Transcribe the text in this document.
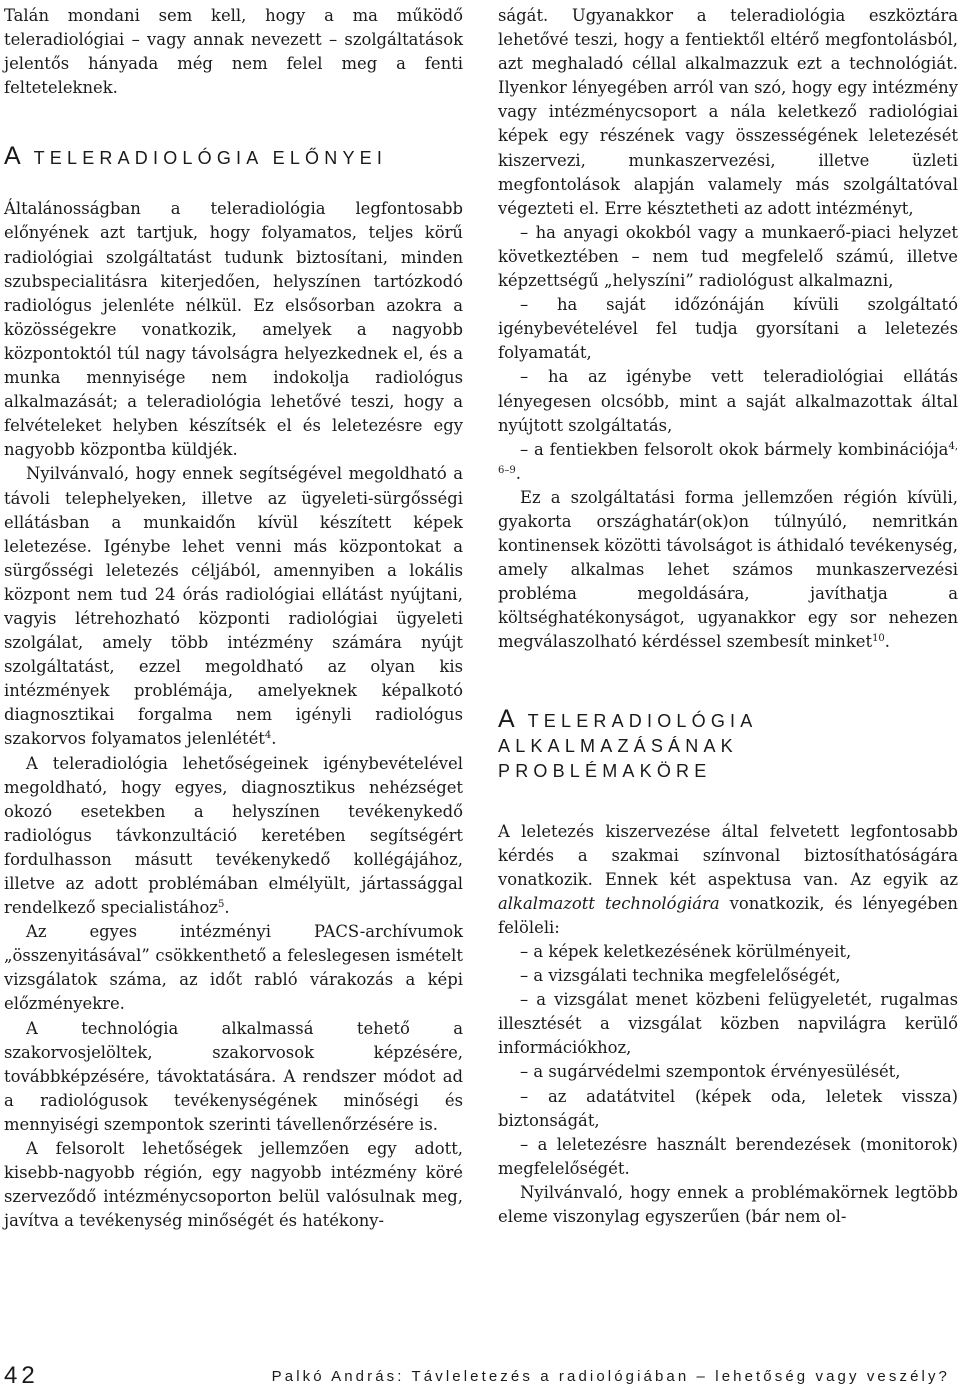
Talán mondani sem kell, hogy a ma működő teleradiológiai – vagy annak nevezett – szolgáltatások jelentős hányada még nem felel meg a fenti felteteleknek.

A TELERADIOLÓGIA ELŐNYEI

Általánosságban a teleradiológia legfontosabb előnyének azt tartjuk, hogy folyamatos, teljes körű radiológiai szolgáltatást tudunk biztosítani, minden szubspecialitásra kiterjedően, helyszínen tartózkodó radiológus jelenléte nélkül. Ez elsősorban azokra a közösségekre vonatkozik, amelyek a nagyobb központoktól túl nagy távolságra helyezkednek el, és a munka mennyisége nem indokolja radiológus alkalmazását; a teleradiológia lehetővé teszi, hogy a felvételeket helyben készítsék el és leletezésre egy nagyobb központba küldjék.

Nyilvánvaló, hogy ennek segítségével megoldható a távoli telephelyeken, illetve az ügyeleti-sürgősségi ellátásban a munkaidőn kívül készített képek leletezése. Igénybe lehet venni más központokat a sürgősségi leletezés céljából, amennyiben a lokális központ nem tud 24 órás radiológiai ellátást nyújtani, vagyis létrehozható központi radiológiai ügyeleti szolgálat, amely több intézmény számára nyújt szolgáltatást, ezzel megoldható az olyan kis intézmények problémája, amelyeknek képalkotó diagnosztikai forgalma nem igényli radiológus szakorvos folyamatos jelenlétét$^4$.

A teleradiológia lehetőségeinek igénybevételével megoldható, hogy egyes, diagnosztikus nehézséget okozó esetekben a helyszínen tevékenykedő radiológus távkonzultáció keretében segítségért fordulhasson másutt tevékenykedő kollégájához, illetve az adott problémában elmélyült, jártassággal rendelkező specialistához$^5$.

Az egyes intézményi PACS-archívumok „összenyitásával” csökkenthető a feleslegesen ismételt vizsgálatok száma, az időt rabló várakozás a képi előzményekre.

A technológia alkalmassá tehető a szakorvosjelöltek, szakorvosok képzésére, továbbképzésére, távoktatására. A rendszer módot ad a radiológusok tevékenységének minőségi és mennyiségi szempontok szerinti távellenőrzésére is.

A felsorolt lehetőségek jellemzően egy adott, kisebb-nagyobb régión, egy nagyobb intézmény köré szerveződő intézménycsoporton belül valósulnak meg, javítva a tevékenység minőségét és hatékony-

ságát. Ugyanakkor a teleradiológia eszköztára lehetővé teszi, hogy a fentiektől eltérő megfontolásból, azt meghaladó céllal alkalmazzuk ezt a technológiát. Ilyenkor lényegében arról van szó, hogy egy intézmény vagy intézménycsoport a nála keletkező radiológiai képek egy részének vagy összességének leletezését kiszervezi, munkaszervezési, illetve üzleti megfontolások alapján valamely más szolgáltatóval végezteti el. Erre késztetheti az adott intézményt,

– ha anyagi okokból vagy a munkaerő-piaci helyzet következtében – nem tud megfelelő számú, illetve képzettségű „helyszíni” radiológust alkalmazni,

– ha saját időzónáján kívüli szolgáltató igénybevételével fel tudja gyorsítani a leletezés folyamatát,

– ha az igénybe vett teleradiológiai ellátás lényegesen olcsóbb, mint a saját alkalmazottak által nyújtott szolgáltatás,

– a fentiekben felsorolt okok bármely kombinációja$^{4, 6-9}$.

Ez a szolgáltatási forma jellemzően régión kívüli, gyakorta országhatár(ok)on túlnyúló, nemritkán kontinensek közötti távolságot is áthidaló tevékenység, amely alkalmas lehet számos munkaszervezési probléma megoldására, javíthatja a költséghatékonyságot, ugyanakkor egy sor nehezen megválaszolható kérdéssel szembesít minket$^{10}$.

A TELERADIOLÓGIA ALKALMAZÁSÁNAK PROBLÉMAKÖRE

A leletezés kiszervezése által felvetett legfontosabb kérdés a szakmai színvonal biztosíthatóságára vonatkozik. Ennek két aspektusa van. Az egyik az alkalmazott technológiára vonatkozik, és lényegében felöleli:

– a képek keletkezésének körülményeit,

– a vizsgálati technika megfelelőségét,

– a vizsgálat menet közbeni felügyeletét, rugalmas illesztését a vizsgálat közben napvilágra kerülő információkhoz,

– a sugárvédelmi szempontok érvényesülését,

– az adatátvitel (képek oda, leletek vissza) biztonságát,

– a leletezésre használt berendezések (monitorok) megfelelőségét.

Nyilvánvaló, hogy ennek a problémakörnek legtöbb eleme viszonylag egyszerűen (bár nem ol-

42	Palkó András: Távleletezés a radiológiában – lehetőség vagy veszély?
